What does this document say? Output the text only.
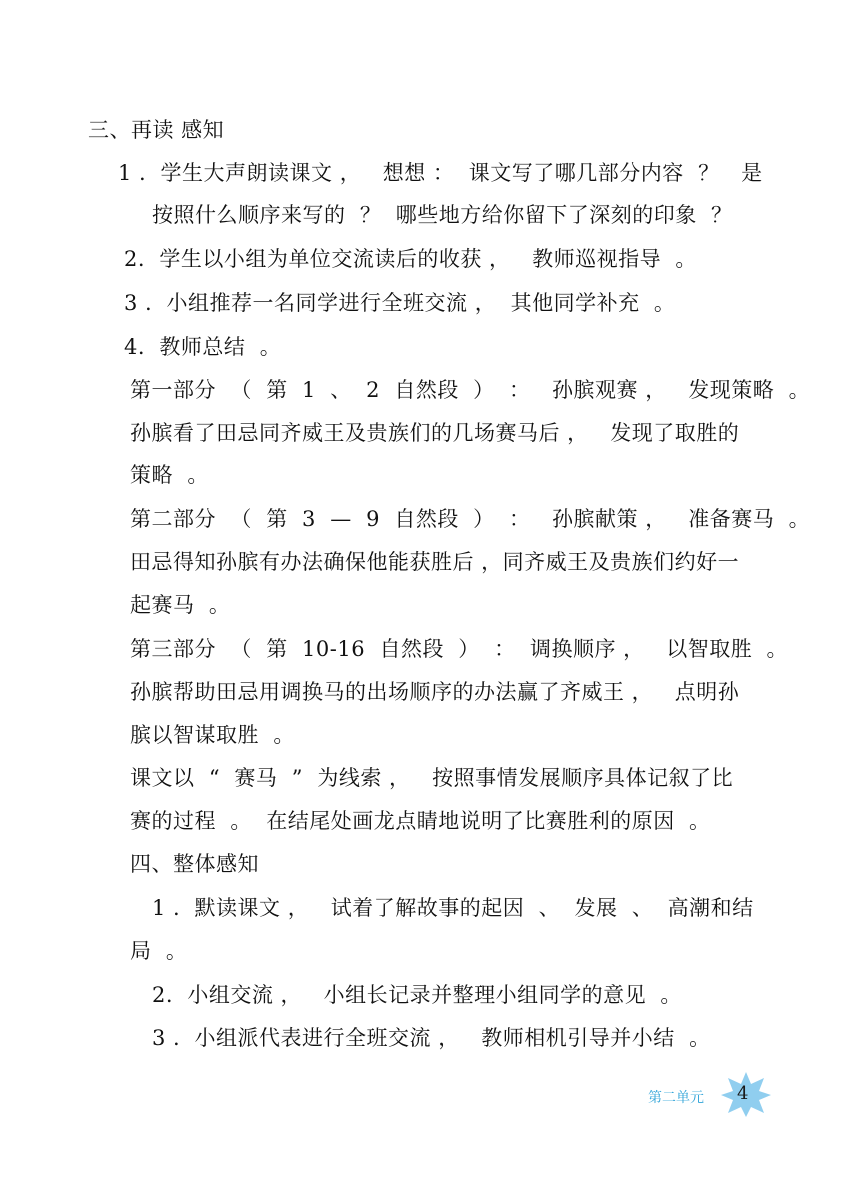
三、再读 感知
1 .  学生大声朗读课文 ，   想想 ：  课文写了哪几部分内容  ？   是
按照什么顺序来写的  ？  哪些地方给你留下了深刻的印象  ？
2.  学生以小组为单位交流读后的收获 ，   教师巡视指导  。
3 .  小组推荐一名同学进行全班交流 ，  其他同学补充  。
4.  教师总结  。
第一部分  （  第  1  、  2  自然段  ）  ：   孙膑观赛 ，   发现策略  。
孙膑看了田忌同齐威王及贵族们的几场赛马后 ，   发现了取胜的
策略  。
第二部分  （  第  3  —  9  自然段  ）  ：   孙膑献策 ，   准备赛马  。
田忌得知孙膑有办法确保他能获胜后 ，同齐威王及贵族们约好一
起赛马  。
第三部分  （  第  10-16  自然段  ）  ：  调换顺序 ，   以智取胜  。
孙膑帮助田忌用调换马的出场顺序的办法赢了齐威王 ，   点明孙
膑以智谋取胜  。
课文以  “  赛马  ”  为线索 ，   按照事情发展顺序具体记叙了比
赛的过程  。  在结尾处画龙点睛地说明了比赛胜利的原因  。
四、整体感知
1 .  默读课文 ，   试着了解故事的起因  、  发展  、  高潮和结
局  。
2.  小组交流 ，   小组长记录并整理小组同学的意见  。
3 .  小组派代表进行全班交流 ，   教师相机引导并小结  。
第二单元 4
